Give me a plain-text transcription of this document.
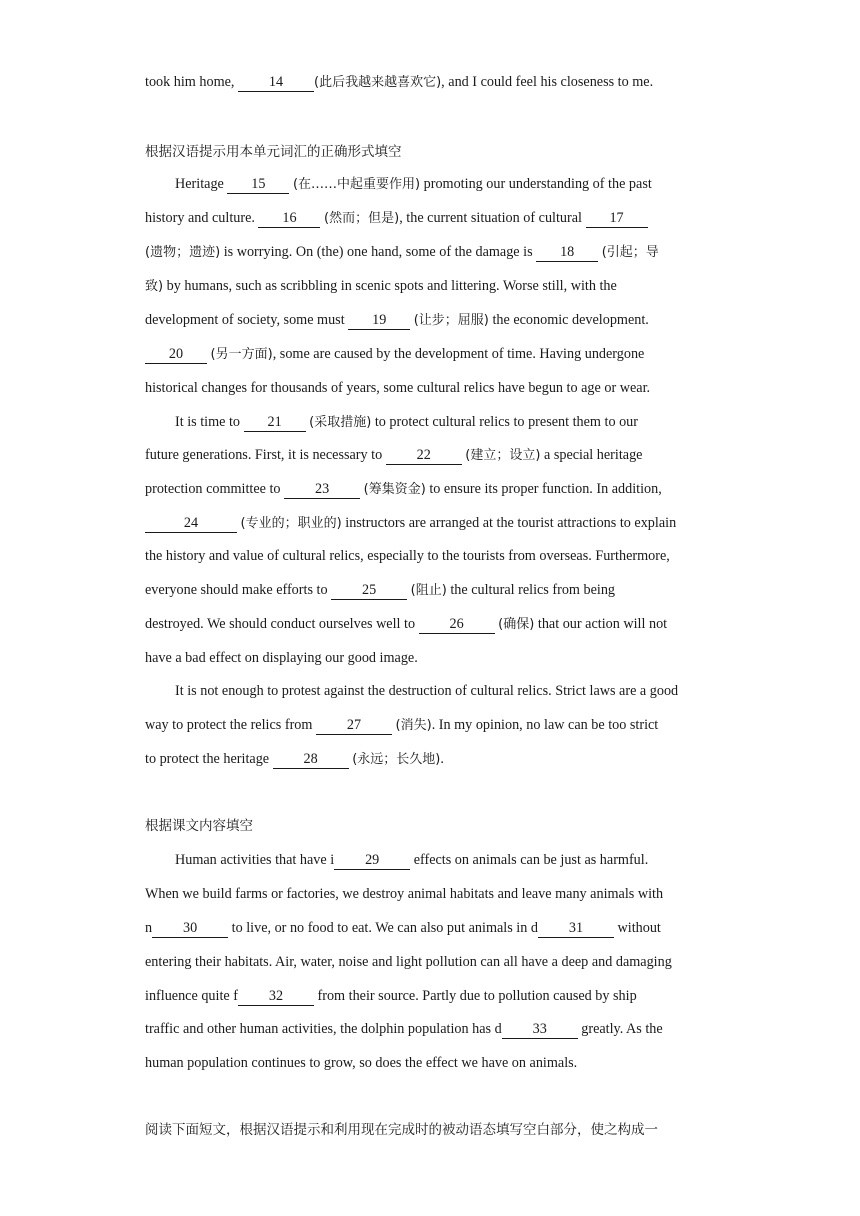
took him home, 14 (此后我越来越喜欢它), and I could feel his closeness to me.
根据汉语提示用本单元词汇的正确形式填空
Heritage 15 (在……中起重要作用) promoting our understanding of the past
history and culture. 16 (然而；但是), the current situation of cultural 17
(遗物；遗迹) is worrying. On (the) one hand, some of the damage is 18 (引起；导
致) by humans, such as scribbling in scenic spots and littering. Worse still, with the
development of society, some must 19 (让步；屈服) the economic development.
20 (另一方面), some are caused by the development of time. Having undergone
historical changes for thousands of years, some cultural relics have begun to age or wear.
It is time to 21 (采取措施) to protect cultural relics to present them to our
future generations. First, it is necessary to 22	(建立；设立) a special heritage
protection committee to 23	(筹集资金) to ensure its proper function. In addition,
24	(专业的；职业的) instructors are arranged at the tourist attractions to explain
the history and value of cultural relics, especially to the tourists from overseas. Furthermore,
everyone should make efforts to 25	(阻止) the cultural relics from being
destroyed. We should conduct ourselves well to 26	(确保) that our action will not
have a bad effect on displaying our good image.
It is not enough to protest against the destruction of cultural relics. Strict laws are a good
way to protect the relics from 27	(消失). In my opinion, no law can be too strict
to protect the heritage 28	(永远；长久地).
根据课文内容填空
Human activities that have i 29 effects on animals can be just as harmful.
When we build farms or factories, we destroy animal habitats and leave many animals with
n 30 to live, or no food to eat. We can also put animals in d 31 without
entering their habitats. Air, water, noise and light pollution can all have a deep and damaging
influence quite f 32 from their source. Partly due to pollution caused by ship
traffic and other human activities, the dolphin population has d 33 greatly. As the
human population continues to grow, so does the effect we have on animals.
阅读下面短文，根据汉语提示和利用现在完成时的被动语态填写空白部分，使之构成一
